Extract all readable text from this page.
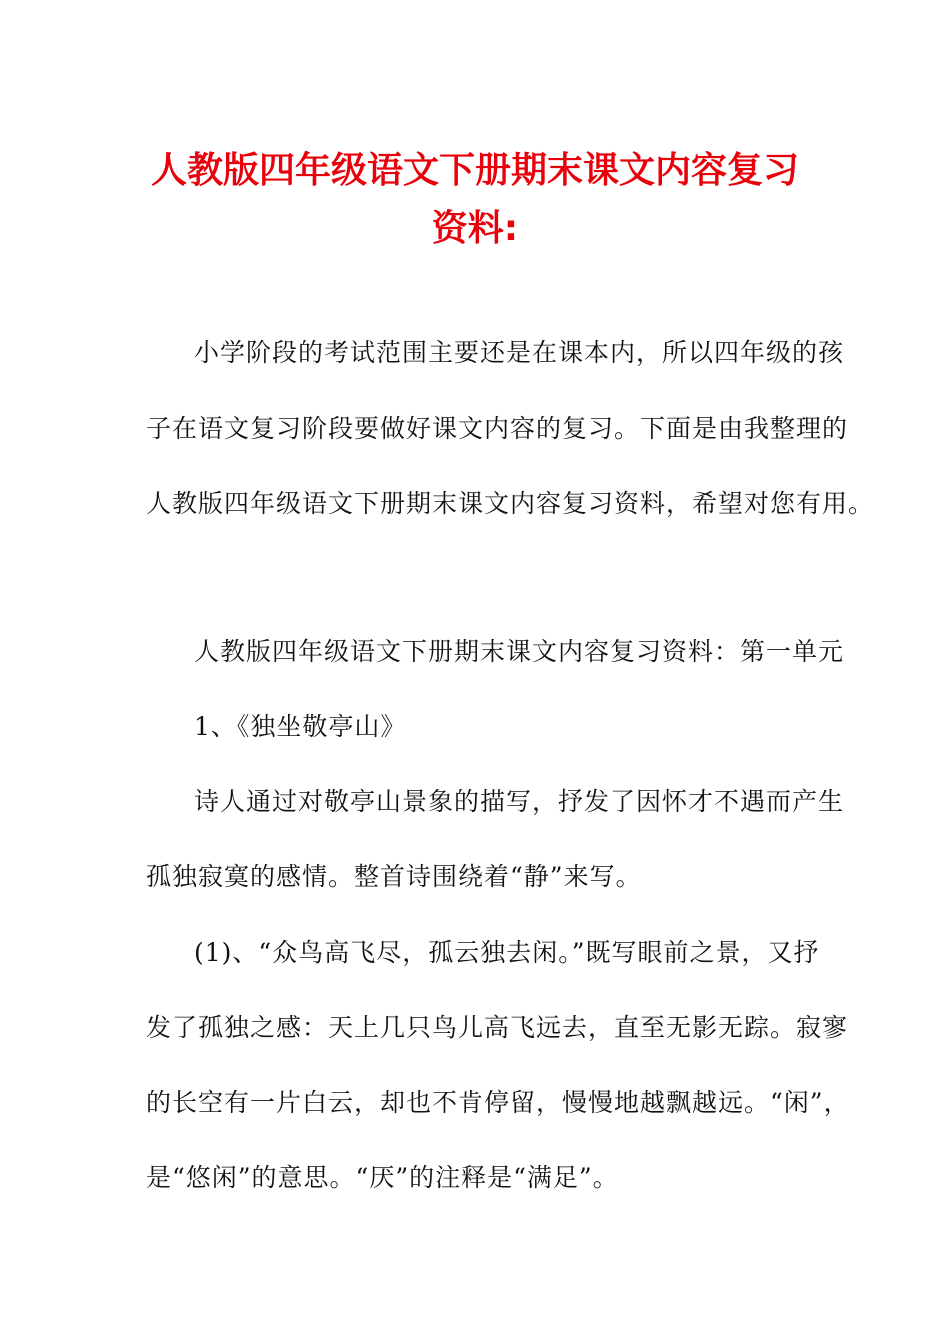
人教版四年级语文下册期末课文内容复习资料:
小学阶段的考试范围主要还是在课本内，所以四年级的孩
子在语文复习阶段要做好课文内容的复习。下面是由我整理的
人教版四年级语文下册期末课文内容复习资料，希望对您有用。
人教版四年级语文下册期末课文内容复习资料：第一单元
1、《独坐敬亭山》
诗人通过对敬亭山景象的描写，抒发了因怀才不遇而产生
孤独寂寞的感情。整首诗围绕着“静”来写。
(1)、“众鸟高飞尽，孤云独去闲。”既写眼前之景，又抒
发了孤独之感：天上几只鸟儿高飞远去，直至无影无踪。寂寥
的长空有一片白云，却也不肯停留，慢慢地越飘越远。“闲”，
是“悠闲”的意思。“厌”的注释是“满足”。
